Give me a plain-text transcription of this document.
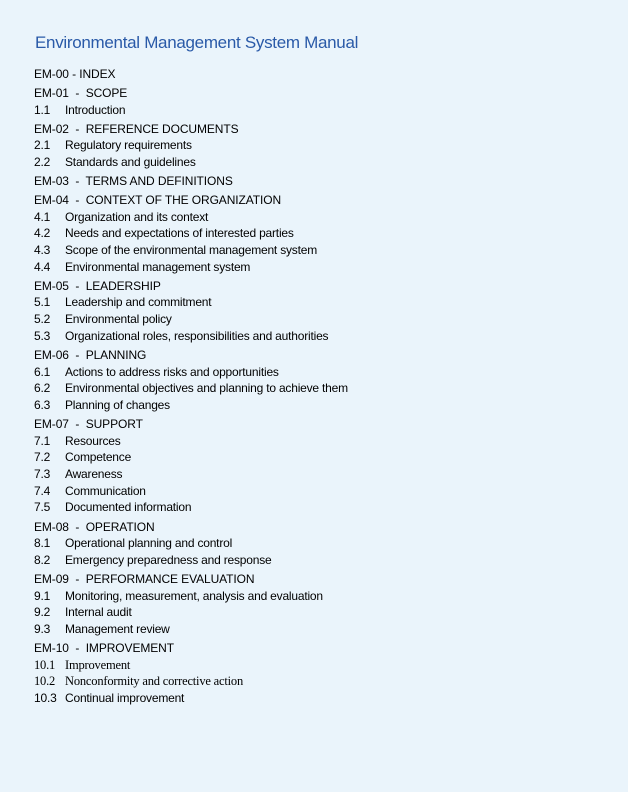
Environmental Management System Manual
EM-00 - INDEX
EM-01  -  SCOPE
1.1 Introduction
EM-02  -  REFERENCE DOCUMENTS
2.1 Regulatory requirements
2.2 Standards and guidelines
EM-03  -  TERMS AND DEFINITIONS
EM-04  -  CONTEXT OF THE ORGANIZATION
4.1 Organization and its context
4.2 Needs and expectations of interested parties
4.3 Scope of the environmental management system
4.4 Environmental management system
EM-05  -  LEADERSHIP
5.1 Leadership and commitment
5.2 Environmental policy
5.3 Organizational roles, responsibilities and authorities
EM-06  -  PLANNING
6.1 Actions to address risks and opportunities
6.2 Environmental objectives and planning to achieve them
6.3 Planning of changes
EM-07  -  SUPPORT
7.1 Resources
7.2 Competence
7.3 Awareness
7.4 Communication
7.5 Documented information
EM-08  -  OPERATION
8.1 Operational planning and control
8.2 Emergency preparedness and response
EM-09  -  PERFORMANCE EVALUATION
9.1 Monitoring, measurement, analysis and evaluation
9.2 Internal audit
9.3 Management review
EM-10  -  IMPROVEMENT
10.1 Improvement
10.2 Nonconformity and corrective action
10.3 Continual improvement
